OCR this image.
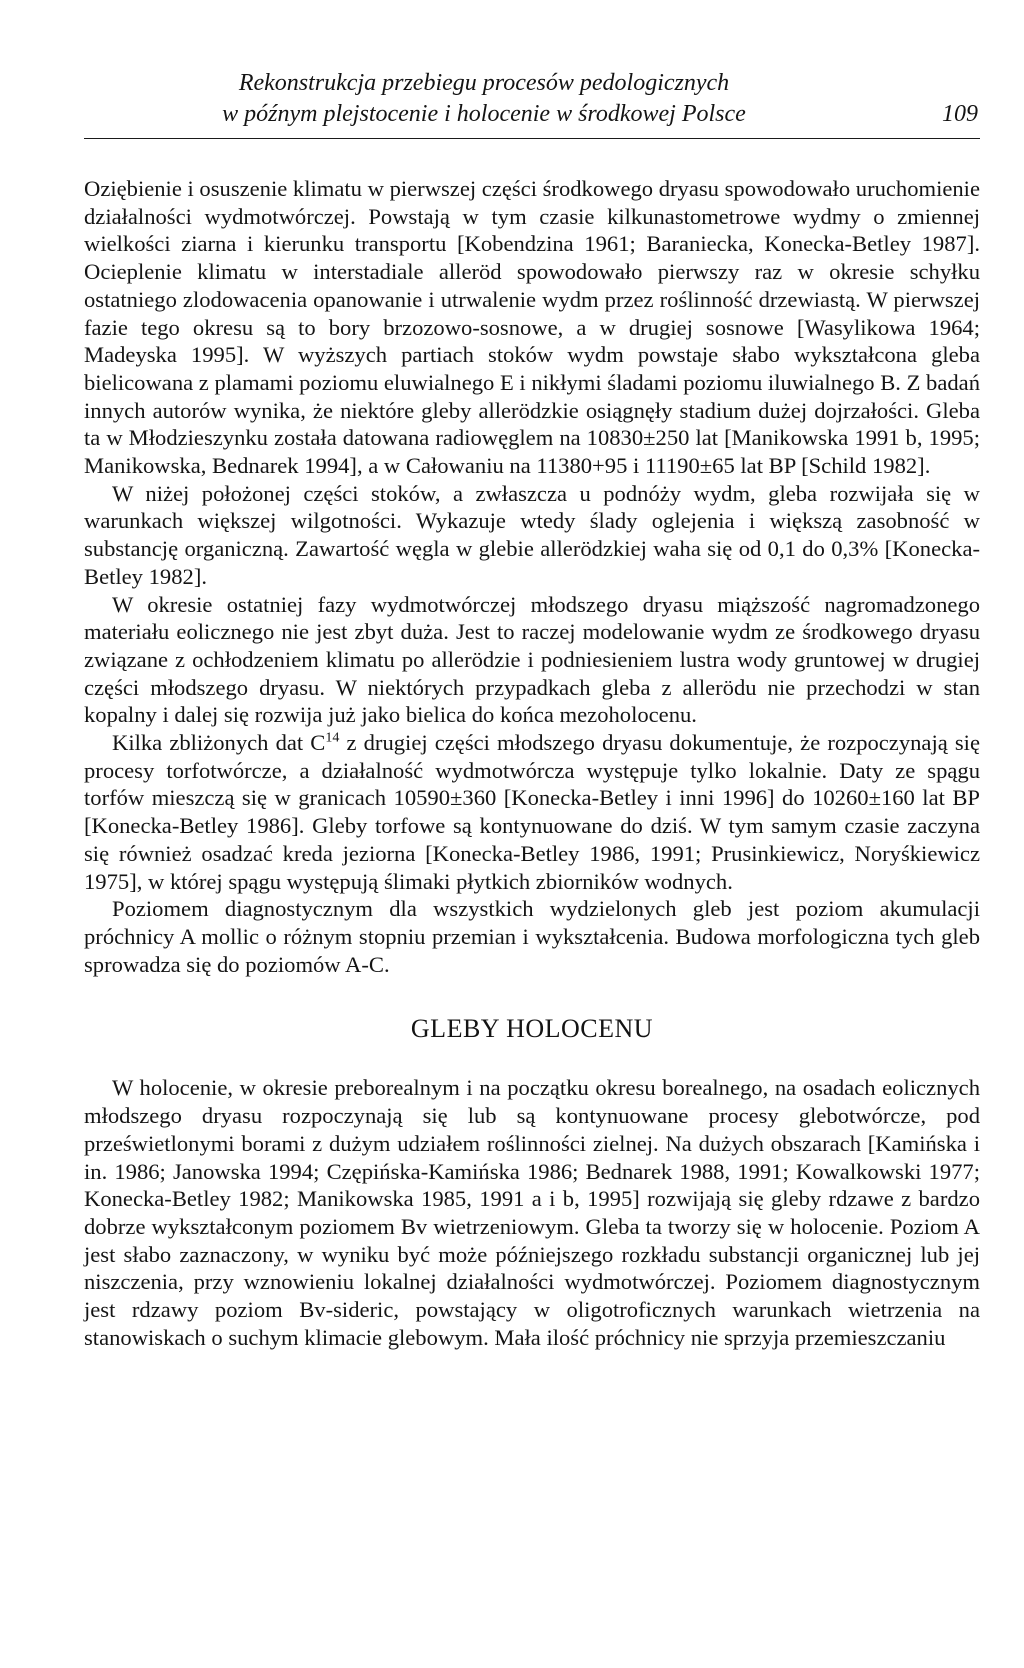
Rekonstrukcja przebiegu procesów pedologicznych
w późnym plejstocenie i holocenie w środkowej Polsce	109

Oziębienie i osuszenie klimatu w pierwszej części środkowego dryasu spowodowało uruchomienie działalności wydmotwórczej. Powstają w tym czasie kilkunastometrowe wydmy o zmiennej wielkości ziarna i kierunku transportu [Kobendzina 1961; Baraniecka, Konecka-Betley 1987]. Ocieplenie klimatu w interstadiale alleröd spowodowało pierwszy raz w okresie schyłku ostatniego zlodowacenia opanowanie i utrwalenie wydm przez roślinność drzewiastą. W pierwszej fazie tego okresu są to bory brzozowo-sosnowe, a w drugiej sosnowe [Wasylikowa 1964; Madeyska 1995]. W wyższych partiach stoków wydm powstaje słabo wykształcona gleba bielicowana z plamami poziomu eluwialnego E i nikłymi śladami poziomu iluwialnego B. Z badań innych autorów wynika, że niektóre gleby allerödzkie osiągnęły stadium dużej dojrzałości. Gleba ta w Młodzieszynku została datowana radiowęglem na 10830±250 lat [Manikowska 1991 b, 1995; Manikowska, Bednarek 1994], a w Całowaniu na 11380+95 i 11190±65 lat BP [Schild 1982].

W niżej położonej części stoków, a zwłaszcza u podnóży wydm, gleba rozwijała się w warunkach większej wilgotności. Wykazuje wtedy ślady oglejenia i większą zasobność w substancję organiczną. Zawartość węgla w glebie allerödzkiej waha się od 0,1 do 0,3% [Konecka-Betley 1982].

W okresie ostatniej fazy wydmotwórczej młodszego dryasu miąższość nagromadzonego materiału eolicznego nie jest zbyt duża. Jest to raczej modelowanie wydm ze środkowego dryasu związane z ochłodzeniem klimatu po allerödzie i podniesieniem lustra wody gruntowej w drugiej części młodszego dryasu. W niektórych przypadkach gleba z allerödu nie przechodzi w stan kopalny i dalej się rozwija już jako bielica do końca mezoholocenu.

Kilka zbliżonych dat $C^{14}$ z drugiej części młodszego dryasu dokumentuje, że rozpoczynają się procesy torfotwórcze, a działalność wydmotwórcza występuje tylko lokalnie. Daty ze spągu torfów mieszczą się w granicach 10590±360 [Konecka-Betley i inni 1996] do 10260±160 lat BP [Konecka-Betley 1986]. Gleby torfowe są kontynuowane do dziś. W tym samym czasie zaczyna się również osadzać kreda jeziorna [Konecka-Betley 1986, 1991; Prusinkiewicz, Noryśkiewicz 1975], w której spągu występują ślimaki płytkich zbiorników wodnych.

Poziomem diagnostycznym dla wszystkich wydzielonych gleb jest poziom akumulacji próchnicy A mollic o różnym stopniu przemian i wykształcenia. Budowa morfologiczna tych gleb sprowadza się do poziomów A-C.

GLEBY HOLOCENU

W holocenie, w okresie preborealnym i na początku okresu borealnego, na osadach eolicznych młodszego dryasu rozpoczynają się lub są kontynuowane procesy glebotwórcze, pod prześwietlonymi borami z dużym udziałem roślinności zielnej. Na dużych obszarach [Kamińska i in. 1986; Janowska 1994; Czępińska-Kamińska 1986; Bednarek 1988, 1991; Kowalkowski 1977; Konecka-Betley 1982; Manikowska 1985, 1991 a i b, 1995] rozwijają się gleby rdzawe z bardzo dobrze wykształconym poziomem Bv wietrzeniowym. Gleba ta tworzy się w holocenie. Poziom A jest słabo zaznaczony, w wyniku być może późniejszego rozkładu substancji organicznej lub jej niszczenia, przy wznowieniu lokalnej działalności wydmotwórczej. Poziomem diagnostycznym jest rdzawy poziom Bv-sideric, powstający w oligotroficznych warunkach wietrzenia na stanowiskach o suchym klimacie glebowym. Mała ilość próchnicy nie sprzyja przemieszczaniu
